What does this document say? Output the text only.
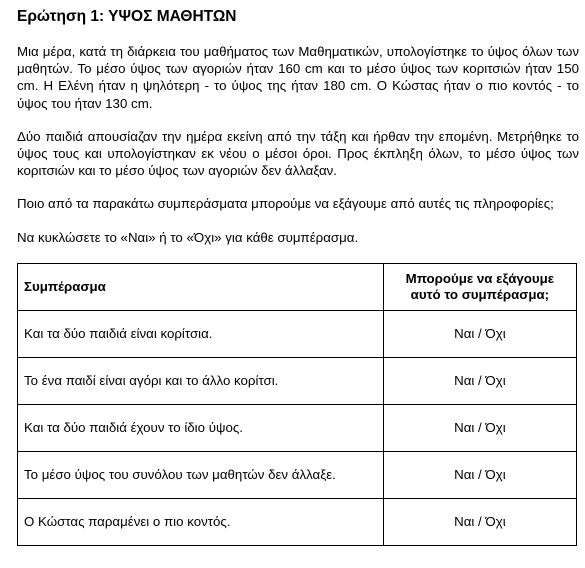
Ερώτηση 1: ΥΨΟΣ ΜΑΘΗΤΩΝ

Μια μέρα, κατά τη διάρκεια του μαθήματος των Μαθηματικών, υπολογίστηκε το ύψος όλων των μαθητών. Το μέσο ύψος των αγοριών ήταν 160 cm και το μέσο ύψος των κοριτσιών ήταν 150 cm. Η Ελένη ήταν η ψηλότερη - το ύψος της ήταν 180 cm. Ο Κώστας ήταν ο πιο κοντός - το ύψος του ήταν 130 cm.

Δύο παιδιά απουσίαζαν την ημέρα εκείνη από την τάξη και ήρθαν την επομένη. Μετρήθηκε το ύψος τους και υπολογίστηκαν εκ νέου ο μέσοι όροι. Προς έκπληξη όλων, το μέσο ύψος των κοριτσιών και το μέσο ύψος των αγοριών δεν άλλαξαν.

Ποιο από τα παρακάτω συμπεράσματα μπορούμε να εξάγουμε από αυτές τις πληροφορίες;

Να κυκλώσετε το «Ναι» ή το «Όχι» για κάθε συμπέρασμα.

Συμπέρασμα	Μπορούμε να εξάγουμε αυτό το συμπέρασμα;
Και τα δύο παιδιά είναι κορίτσια.	Ναι / Όχι
Το ένα παιδί είναι αγόρι και το άλλο κορίτσι.	Ναι / Όχι
Και τα δύο παιδιά έχουν το ίδιο ύψος.	Ναι / Όχι
Το μέσο ύψος του συνόλου των μαθητών δεν άλλαξε.	Ναι / Όχι
Ο Κώστας παραμένει ο πιο κοντός.	Ναι / Όχι
